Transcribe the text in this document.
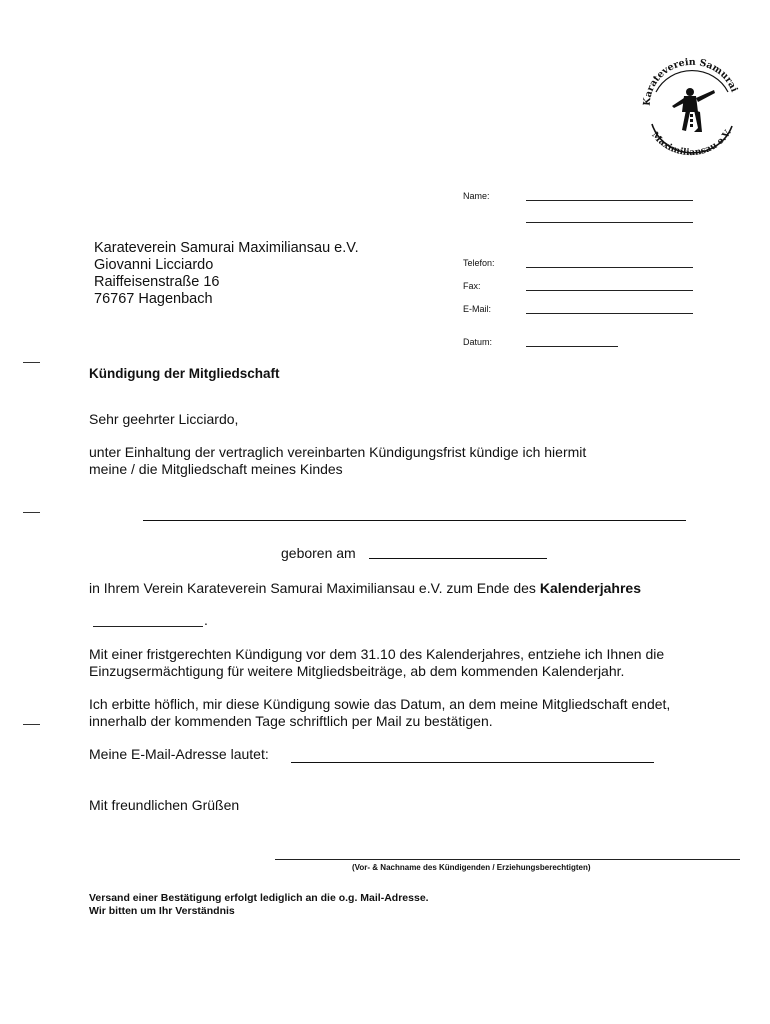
Karateverein Samurai
Maximiliansau e.V.
Name:
Telefon:
Fax:
E-Mail:
Datum:
Karateverein Samurai Maximiliansau e.V.
Giovanni Licciardo
Raiffeisenstraße 16
76767 Hagenbach
Kündigung der Mitgliedschaft
Sehr geehrter Licciardo,
unter Einhaltung der vertraglich vereinbarten Kündigungsfrist kündige ich hiermit
meine / die Mitgliedschaft meines Kindes
geboren am
in Ihrem Verein Karateverein Samurai Maximiliansau e.V. zum Ende des Kalenderjahres
.
Mit einer fristgerechten Kündigung vor dem 31.10 des Kalenderjahres, entziehe ich Ihnen die
Einzugsermächtigung für weitere Mitgliedsbeiträge, ab dem kommenden Kalenderjahr.
Ich erbitte höflich, mir diese Kündigung sowie das Datum, an dem meine Mitgliedschaft endet,
innerhalb der kommenden Tage schriftlich per Mail zu bestätigen.
Meine E-Mail-Adresse lautet:
Mit freundlichen Grüßen
(Vor- & Nachname des Kündigenden / Erziehungsberechtigten)
Versand einer Bestätigung erfolgt lediglich an die o.g. Mail-Adresse.
Wir bitten um Ihr Verständnis
